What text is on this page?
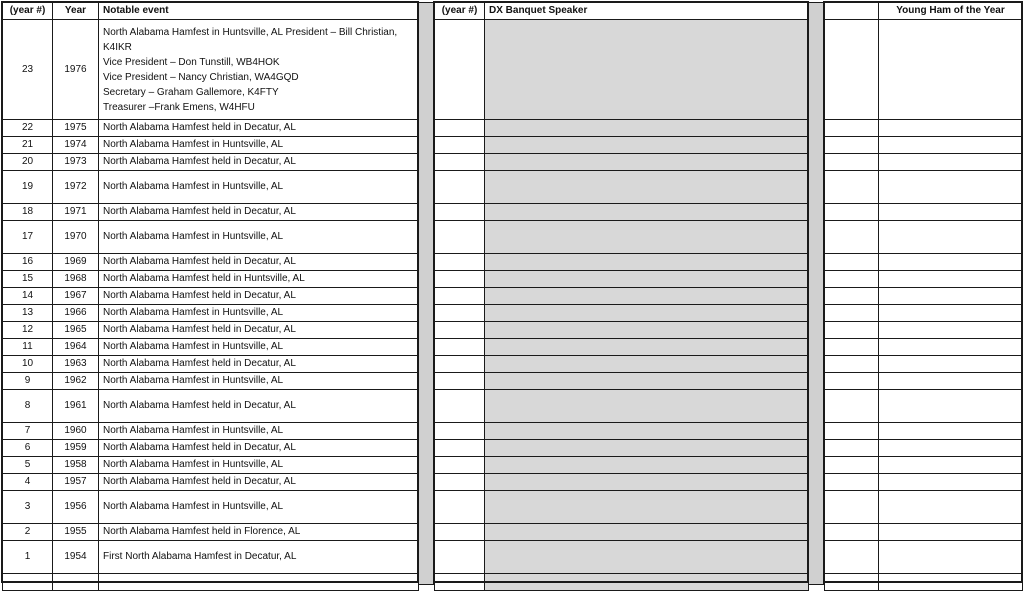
(year #)	Year	Notable event
23	1976	North Alabama Hamfest in Huntsville, AL President – Bill Christian, K4IKR
Vice President – Don Tunstill, WB4HOK
Vice President – Nancy Christian, WA4GQD
Secretary – Graham Gallemore, K4FTY
Treasurer –Frank Emens, W4HFU

22	1975	North Alabama Hamfest held in Decatur, AL

21	1974	North Alabama Hamfest in Huntsville, AL

20	1973	North Alabama Hamfest held in Decatur, AL

19	1972	North Alabama Hamfest in Huntsville, AL

18	1971	North Alabama Hamfest held in Decatur, AL

17	1970	North Alabama Hamfest in Huntsville, AL

16	1969	North Alabama Hamfest held in Decatur, AL

15	1968	North Alabama Hamfest held in Huntsville, AL

14	1967	North Alabama Hamfest held in Decatur, AL

13	1966	North Alabama Hamfest in Huntsville, AL

12	1965	North Alabama Hamfest held in Decatur, AL

11	1964	North Alabama Hamfest in Huntsville, AL

10	1963	North Alabama Hamfest held in Decatur, AL

9	1962	North Alabama Hamfest in Huntsville, AL

8	1961	North Alabama Hamfest held in Decatur, AL

7	1960	North Alabama Hamfest in Huntsville, AL

6	1959	North Alabama Hamfest held in Decatur, AL

5	1958	North Alabama Hamfest in Huntsville, AL

4	1957	North Alabama Hamfest held in Decatur, AL

3	1956	North Alabama Hamfest in Huntsville, AL

2	1955	North Alabama Hamfest held in Florence, AL

1	1954	First North Alabama Hamfest in Decatur, AL

(year #)	DX Banquet Speaker

		Young Ham of the Year
